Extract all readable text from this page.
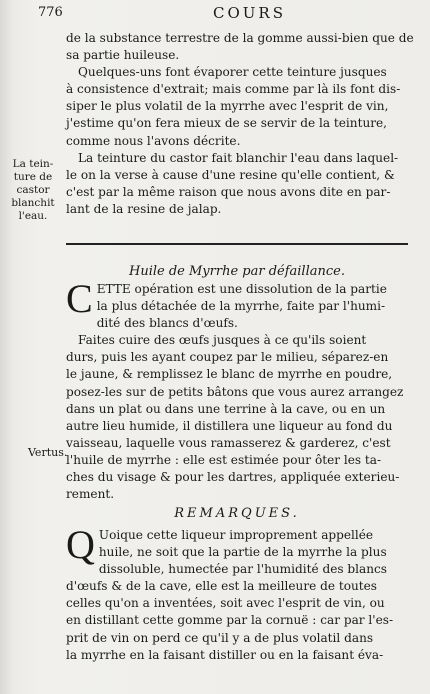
776	COURS

de la substance terrestre de la gomme aussi-bien que de
sa partie huileuse.

Quelques-uns font évaporer cette teinture jusques
à consistence d'extrait; mais comme par là ils font dis-
siper le plus volatil de la myrrhe avec l'esprit de vin,
j'estime qu'on fera mieux de se servir de la teinture,
comme nous l'avons décrite.

La teinture du castor fait blanchir l'eau dans laquel-
le on la verse à cause d'une resine qu'elle contient, &
c'est par la même raison que nous avons dite en par-
lant de la resine de jalap.

La tein-
ture de
castor
blanchit
l'eau.
Huile de Myrrhe par défaillance.

C ETTE opération est une dissolution de la partie
la plus détachée de la myrrhe, faite par l'humi-
dité des blancs d'œufs.

Faites cuire des œufs jusques à ce qu'ils soient
durs, puis les ayant coupez par le milieu, séparez-en
le jaune, & remplissez le blanc de myrrhe en poudre,
posez-les sur de petits bâtons que vous aurez arrangez
dans un plat ou dans une terrine à la cave, ou en un
autre lieu humide, il distillera une liqueur au fond du
vaisseau, laquelle vous ramasserez & garderez, c'est
l'huile de myrrhe : elle est estimée pour ôter les ta-
ches du visage & pour les dartres, appliquée exterieu-
rement.

Vertus.
REMARQUES.

Q Uoique cette liqueur improprement appellée
huile, ne soit que la partie de la myrrhe la plus
dissoluble, humectée par l'humidité des blancs
d'œufs & de la cave, elle est la meilleure de toutes
celles qu'on a inventées, soit avec l'esprit de vin, ou
en distillant cette gomme par la cornuë : car par l'es-
prit de vin on perd ce qu'il y a de plus volatil dans
la myrrhe en la faisant distiller ou en la faisant éva-
